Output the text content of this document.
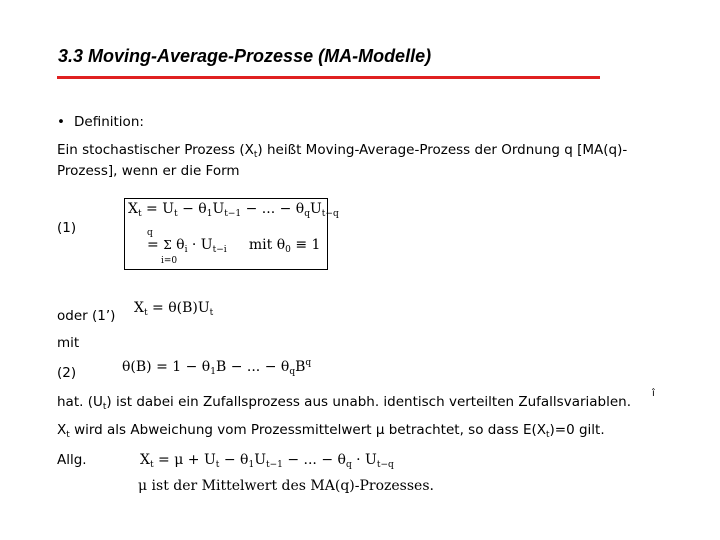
3.3 Moving-Average-Prozesse (MA-Modelle)
• Definition:
Ein stochastischer Prozess $(X_t)$ heißt Moving-Average-Prozess der Ordnung q [MA(q)-
Prozess], wenn er die Form
$X_t = U_t - \theta_1U_{t-1}$ − ... − $\theta_qU_{t-q}$
q
= Σ $\theta_i \cdot U_{t-i}$     mit $\theta_0 \equiv 1$
i=0
(1)
oder (1’) $X_t = \theta(B)U_t$
mit
(2)	$\theta(B) = 1 - \theta_1B$ − ... − $\theta_qB^q$
hat. $(U_t)$ ist dabei ein Zufallsprozess aus unabh. identisch verteilten Zufallsvariablen.
î
$X_t$ wird als Abweichung vom Prozessmittelwert μ betrachtet, so dass $E(X_t)=0$ gilt.
Allg.	$X_t = \mu + U_t - \theta_1U_{t-1}$ − ... − $\theta_q \cdot U_{t-q}$
μ ist der Mittelwert des MA(q)-Prozesses.
